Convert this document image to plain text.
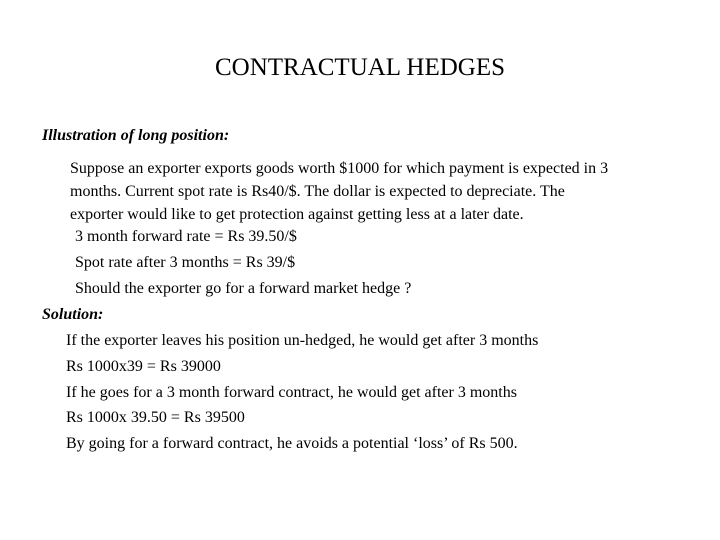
CONTRACTUAL HEDGES
Illustration of long position:
Suppose an exporter exports goods worth $1000 for which payment is expected in 3
months. Current spot rate is Rs40/$. The dollar is expected to depreciate. The
exporter would like to get protection against getting less at a later date.
3 month forward rate = Rs 39.50/$
Spot rate after 3 months = Rs 39/$
Should the exporter go for a forward market hedge ?
Solution:
If the exporter leaves his position un-hedged, he would get after 3 months
Rs 1000x39 = Rs 39000
If he goes for a 3 month forward contract, he would get after 3 months
Rs 1000x 39.50 = Rs 39500
By going for a forward contract, he avoids a potential ‘loss’ of Rs 500.
